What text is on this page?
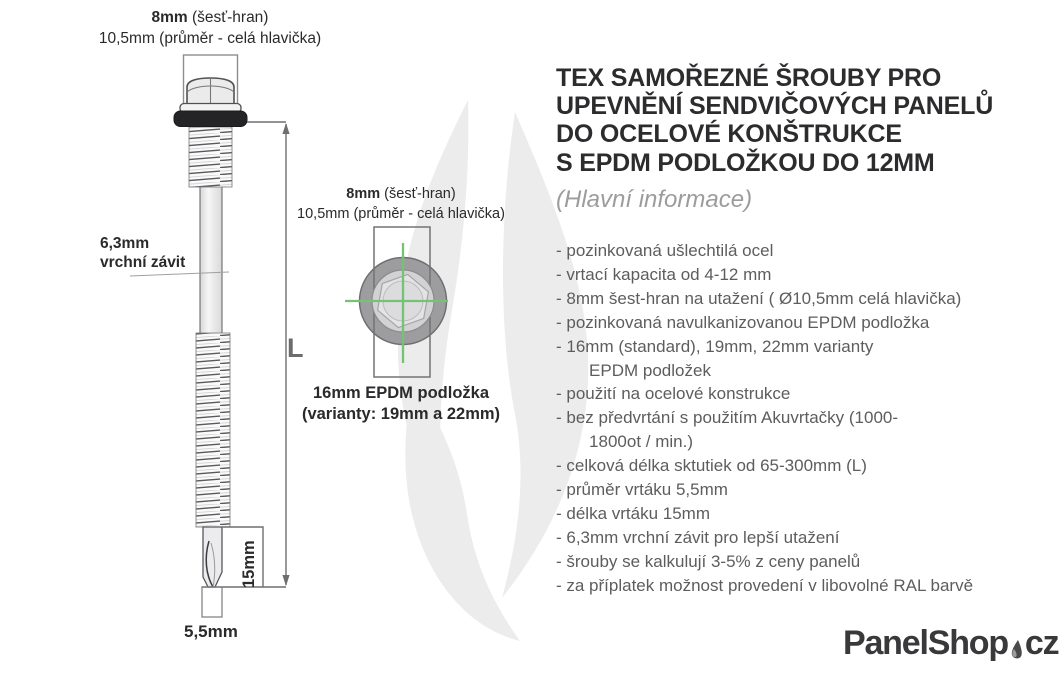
8mm (šesť-hran)
10,5mm (průměr - celá hlavička)
6,3mm
vrchní závit
L
15mm
5,5mm
8mm (šesť-hran)
10,5mm (průměr - celá hlavička)
16mm EPDM podložka
(varianty: 19mm a 22mm)
TEX SAMOŘEZNÉ ŠROUBY PRO
UPEVNĚNÍ SENDVIČOVÝCH PANELŮ
DO OCELOVÉ KONŠTRUKCE
S EPDM PODLOŽKOU DO 12MM
(Hlavní informace)
- pozinkovaná ušlechtilá ocel
- vrtací kapacita od 4-12 mm
- 8mm šest-hran na utažení ( Ø10,5mm celá hlavička)
- pozinkovaná navulkanizovanou EPDM podložka
- 16mm (standard), 19mm, 22mm varianty
EPDM podložek
- použití na ocelové konstrukce
- bez předvrtání s použitím Akuvrtačky (1000-
1800ot / min.)
- celková délka sktutiek od 65-300mm (L)
- průměr vrtáku 5,5mm
- délka vrtáku 15mm
- 6,3mm vrchní závit pro lepší utažení
- šrouby se kalkulují 3-5% z ceny panelů
- za příplatek možnost provedení v libovolné RAL barvě
PanelShop cz
